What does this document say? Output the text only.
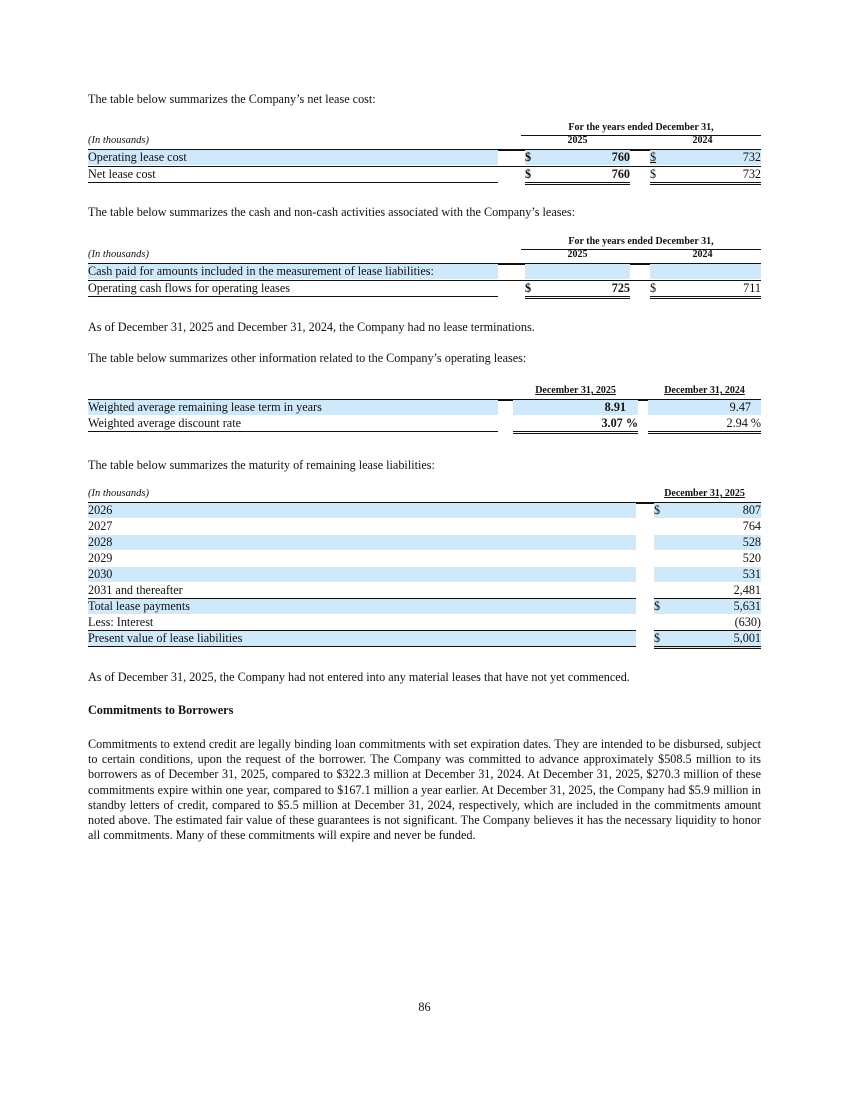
The table below summarizes the Company’s net lease cost:
For the years ended December 31,
2025	2024
(In thousands)
Operating lease cost	$	760 $	732
Net lease cost	$	760 $	732
The table below summarizes the cash and non-cash activities associated with the Company’s leases:
For the years ended December 31,
2025	2024
(In thousands)
Cash paid for amounts included in the measurement of lease liabilities:
Operating cash flows for operating leases	$	725 $	711
As of December 31, 2025 and December 31, 2024, the Company had no lease terminations.
The table below summarizes other information related to the Company’s operating leases:
December 31, 2025	December 31, 2024
Weighted average remaining lease term in years	8.91	9.47
Weighted average discount rate	3.07 %	2.94 %
The table below summarizes the maturity of remaining lease liabilities:
(In thousands)	December 31, 2025
2026	$	807
2027	764
2028	528
2029	520
2030	531
2031 and thereafter	2,481
Total lease payments	$	5,631
Less: Interest	(630)
Present value of lease liabilities	$	5,001
As of December 31, 2025, the Company had not entered into any material leases that have not yet commenced.
Commitments to Borrowers
Commitments to extend credit are legally binding loan commitments with set expiration dates. They are intended to be disbursed, subject to certain conditions, upon the request of the borrower. The Company was committed to advance approximately $508.5 million to its borrowers as of December 31, 2025, compared to $322.3 million at December 31, 2024. At December 31, 2025, $270.3 million of these commitments expire within one year, compared to $167.1 million a year earlier. At December 31, 2025, the Company had $5.9 million in standby letters of credit, compared to $5.5 million at December 31, 2024, respectively, which are included in the commitments amount noted above. The estimated fair value of these guarantees is not significant. The Company believes it has the necessary liquidity to honor all commitments. Many of these commitments will expire and never be funded.
86
